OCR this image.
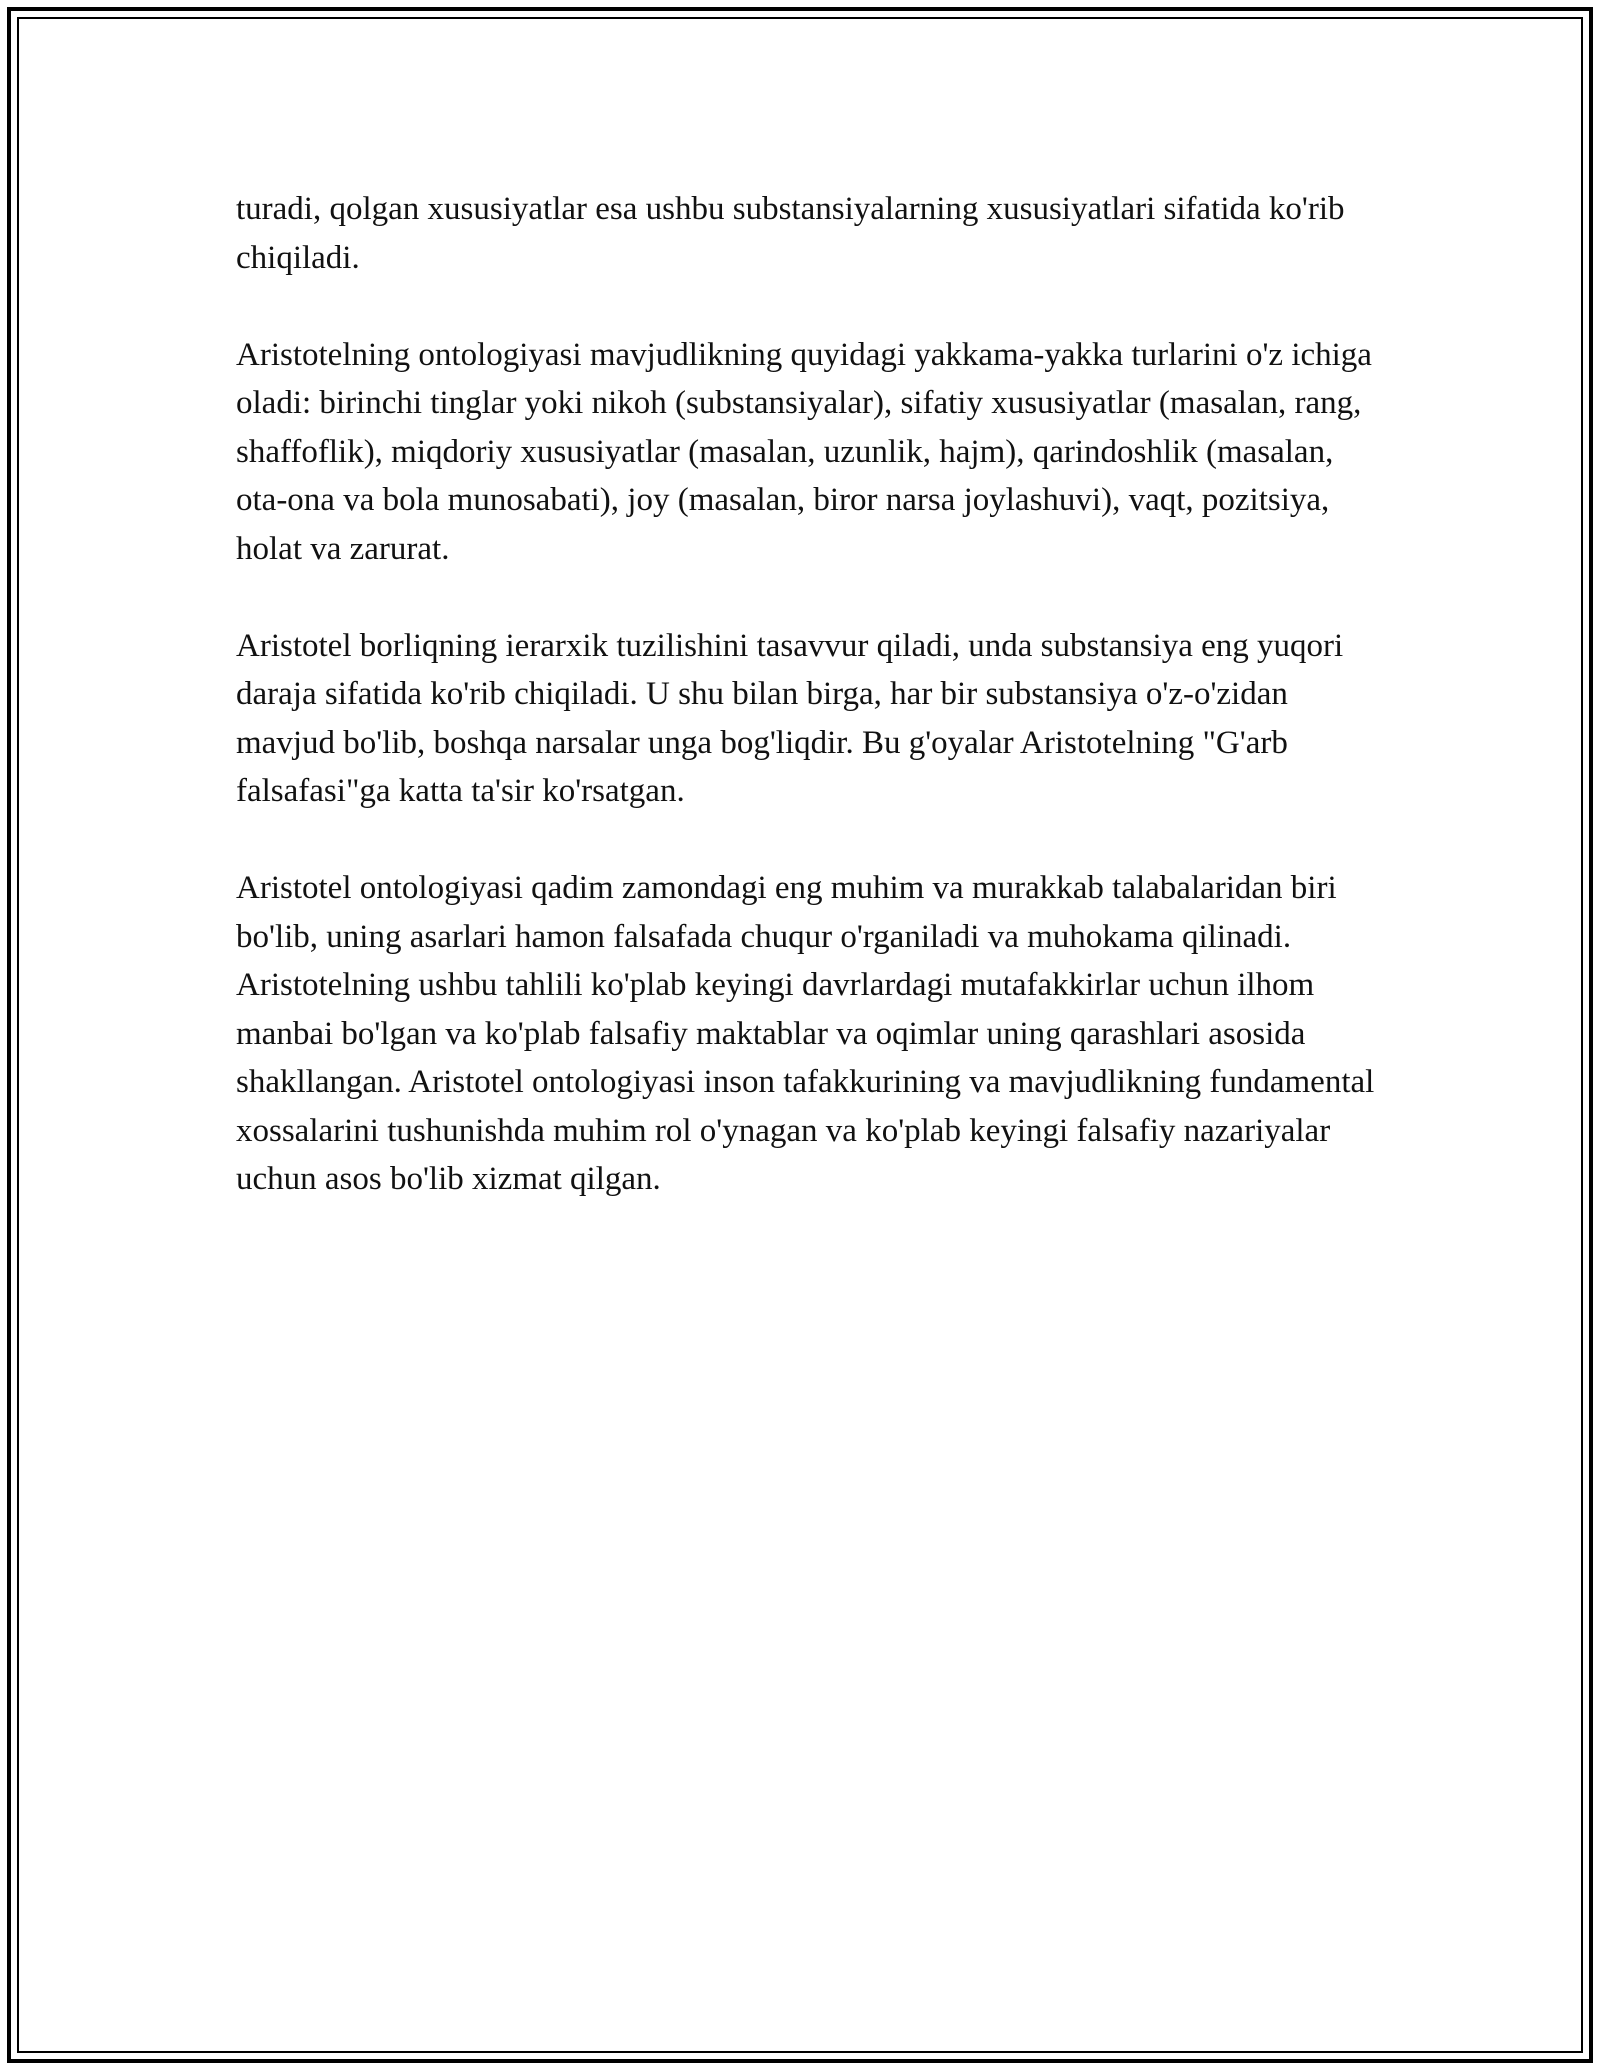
turadi, qolgan xususiyatlar esa ushbu substansiyalarning xususiyatlari sifatida ko'rib chiqiladi.

Aristotelning ontologiyasi mavjudlikning quyidagi yakkama-yakka turlarini o'z ichiga oladi: birinchi tinglar yoki nikoh (substansiyalar), sifatiy xususiyatlar (masalan, rang, shaffoflik), miqdoriy xususiyatlar (masalan, uzunlik, hajm), qarindoshlik (masalan, ota-ona va bola munosabati), joy (masalan, biror narsa joylashuvi), vaqt, pozitsiya, holat va zarurat.

Aristotel borliqning ierarxik tuzilishini tasavvur qiladi, unda substansiya eng yuqori daraja sifatida ko'rib chiqiladi. U shu bilan birga, har bir substansiya o'z-o'zidan mavjud bo'lib, boshqa narsalar unga bog'liqdir. Bu g'oyalar Aristotelning "G'arb falsafasi"ga katta ta'sir ko'rsatgan.

Aristotel ontologiyasi qadim zamondagi eng muhim va murakkab talabalaridan biri bo'lib, uning asarlari hamon falsafada chuqur o'rganiladi va muhokama qilinadi. Aristotelning ushbu tahlili ko'plab keyingi davrlardagi mutafakkirlar uchun ilhom manbai bo'lgan va ko'plab falsafiy maktablar va oqimlar uning qarashlari asosida shakllangan. Aristotel ontologiyasi inson tafakkurining va mavjudlikning fundamental xossalarini tushunishda muhim rol o'ynagan va ko'plab keyingi falsafiy nazariyalar uchun asos bo'lib xizmat qilgan.
